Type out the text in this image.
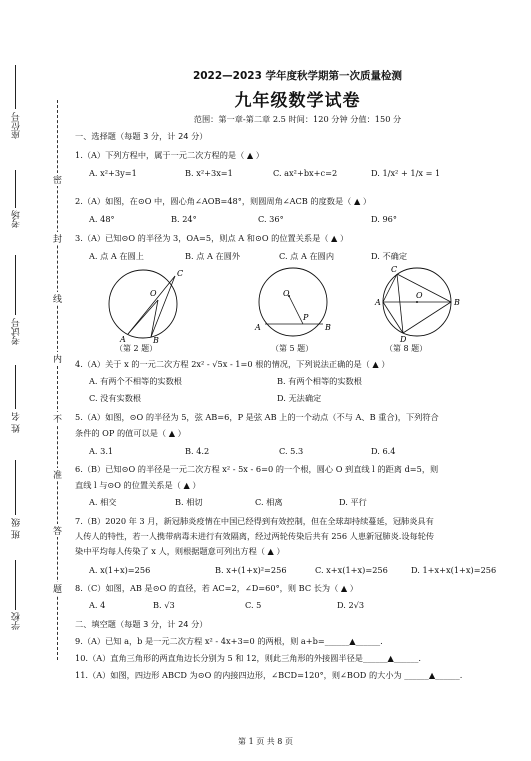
座位号
考场
考试号
姓 名
班 级
学校
密
封
线
内
不
准
答
题
2022—2023 学年度秋学期第一次质量检测
九年级数学试卷
范围：第一章-第二章 2.5 时间：120 分钟 分值：150 分
一、选择题（每题 3 分，计 24 分）
1.（A）下列方程中，属于一元二次方程的是（ ▲ ）
A. x²+3y=1	B. x²+3x=1	C. ax²+bx+c=2	D. 1/x² + 1/x = 1
2.（A）如图，在⊙O 中，圆心角∠AOB=48°，则圆周角∠ACB 的度数是（ ▲ ）
A. 48°	B. 24°	C. 36°	D. 96°
3.（A）已知⊙O 的半径为 3，OA=5，则点 A 和⊙O 的位置关系是（ ▲ ）
A. 点 A 在圆上	B. 点 A 在圆外	C. 点 A 在圆内	D. 不确定
O
C
A	B
（第 2 题）
O
A
P
B
（第 5 题）
C
O
A	B
D
（第 8 题）
4.（A）关于 x 的一元二次方程 2x² - √5x - 1=0 根的情况，下列说法正确的是（ ▲ ）
A. 有两个不相等的实数根	B. 有两个相等的实数根
C. 没有实数根	D. 无法确定
5.（A）如图，⊙O 的半径为 5，弦 AB=6，P 是弦 AB 上的一个动点（不与 A、B 重合)，下列符合
条件的 OP 的值可以是（ ▲ ）
A. 3.1	B. 4.2	C. 5.3	D. 6.4
6.（B）已知⊙O 的半径是一元二次方程 x² - 5x - 6=0 的一个根，圆心 O 到直线 l 的距离 d=5，则
直线 l 与⊙O 的位置关系是（ ▲ ）
A. 相交	B. 相切	C. 相离	D. 平行
7.（B）2020 年 3 月，新冠肺炎疫情在中国已经得到有效控制，但在全球却持续蔓延，冠肺炎具有
人传人的特性，若一人携带病毒未进行有效隔离，经过两轮传染后共有 256 人患新冠肺炎.设每轮传
染中平均每人传染了 x 人，则根据题意可列出方程（ ▲ ）
A. x(1+x)=256	B. x+(1+x)²=256	C. x+x(1+x)=256	D. 1+x+x(1+x)=256
8.（C）如图，AB 是⊙O 的直径，若 AC=2，∠D=60°，则 BC 长为（ ▲ ）
A. 4	B. √3	C. 5	D. 2√3
二、填空题（每题 3 分，计 24 分）
9.（A）已知 a，b 是一元二次方程 x² - 4x+3=0 的两根，则 a+b=______▲______.
10.（A）直角三角形的两直角边长分别为 5 和 12，则此三角形的外接圆半径是______▲______.
11.（A）如图，四边形 ABCD 为⊙O 的内接四边形，∠BCD=120°，则∠BOD 的大小为 ______▲______.
第 1 页 共 8 页
